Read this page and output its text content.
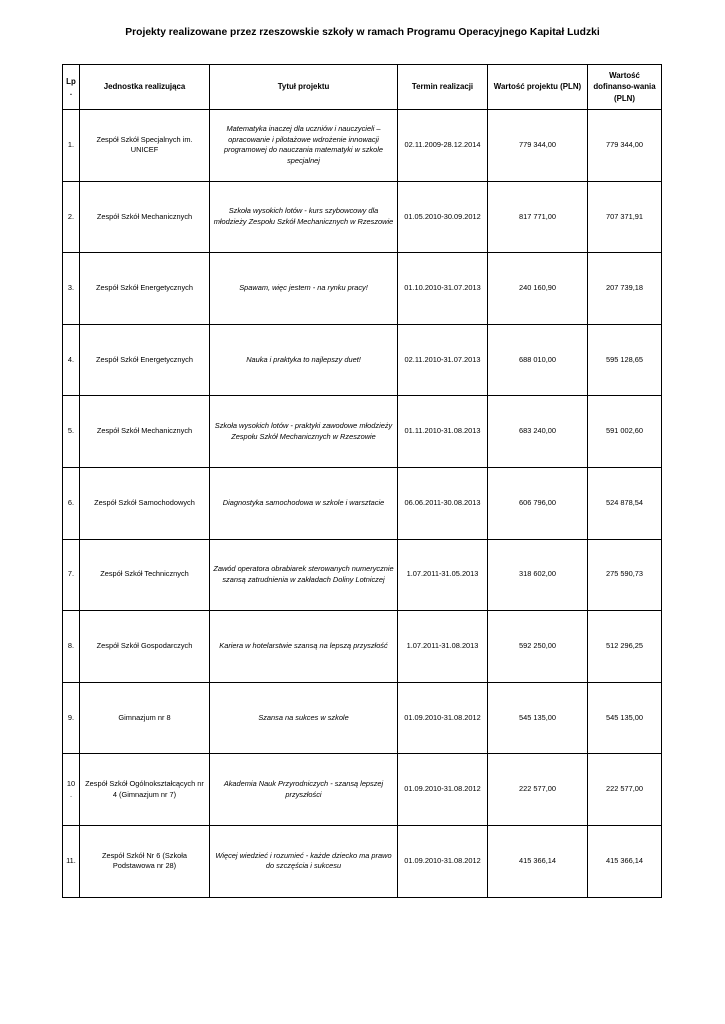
Projekty realizowane przez rzeszowskie szkoły w ramach Programu Operacyjnego Kapitał Ludzki
Lp.	Jednostka realizująca	Tytuł projektu	Termin realizacji	Wartość projektu (PLN)	Wartość dofinanso-wania (PLN)
1.	Zespół Szkół Specjalnych im. UNICEF	Matematyka inaczej dla uczniów i nauczycieli – opracowanie i pilotażowe wdrożenie innowacji programowej do nauczania matematyki w szkole specjalnej	02.11.2009-28.12.2014	779 344,00	779 344,00
2.	Zespół Szkół Mechanicznych	Szkoła wysokich lotów - kurs szybowcowy dla młodzieży Zespołu Szkół Mechanicznych w Rzeszowie	01.05.2010-30.09.2012	817 771,00	707 371,91
3.	Zespół Szkół Energetycznych	Spawam, więc jestem - na rynku pracy!	01.10.2010-31.07.2013	240 160,90	207 739,18
4.	Zespół Szkół Energetycznych	Nauka i praktyka to najlepszy duet!	02.11.2010-31.07.2013	688 010,00	595 128,65
5.	Zespół Szkół Mechanicznych	Szkoła wysokich lotów - praktyki zawodowe młodzieży Zespołu Szkół Mechanicznych w Rzeszowie	01.11.2010-31.08.2013	683 240,00	591 002,60
6.	Zespół Szkół Samochodowych	Diagnostyka samochodowa w szkole i warsztacie	06.06.2011-30.08.2013	606 796,00	524 878,54
7.	Zespół Szkół Technicznych	Zawód operatora obrabiarek sterowanych numerycznie szansą zatrudnienia w zakładach Doliny Lotniczej	1.07.2011-31.05.2013	318 602,00	275 590,73
8.	Zespół Szkół Gospodarczych	Kariera w hotelarstwie szansą na lepszą przyszłość	1.07.2011-31.08.2013	592 250,00	512 296,25
9.	Gimnazjum nr 8	Szansa na sukces w szkole	01.09.2010-31.08.2012	545 135,00	545 135,00
10.	Zespół Szkół Ogólnokształcących nr 4 (Gimnazjum nr 7)	Akademia Nauk Przyrodniczych - szansą lepszej przyszłości	01.09.2010-31.08.2012	222 577,00	222 577,00
11.	Zespół Szkół Nr 6 (Szkoła Podstawowa nr 28)	Więcej wiedzieć i rozumieć - każde dziecko ma prawo do szczęścia i sukcesu	01.09.2010-31.08.2012	415 366,14	415 366,14
